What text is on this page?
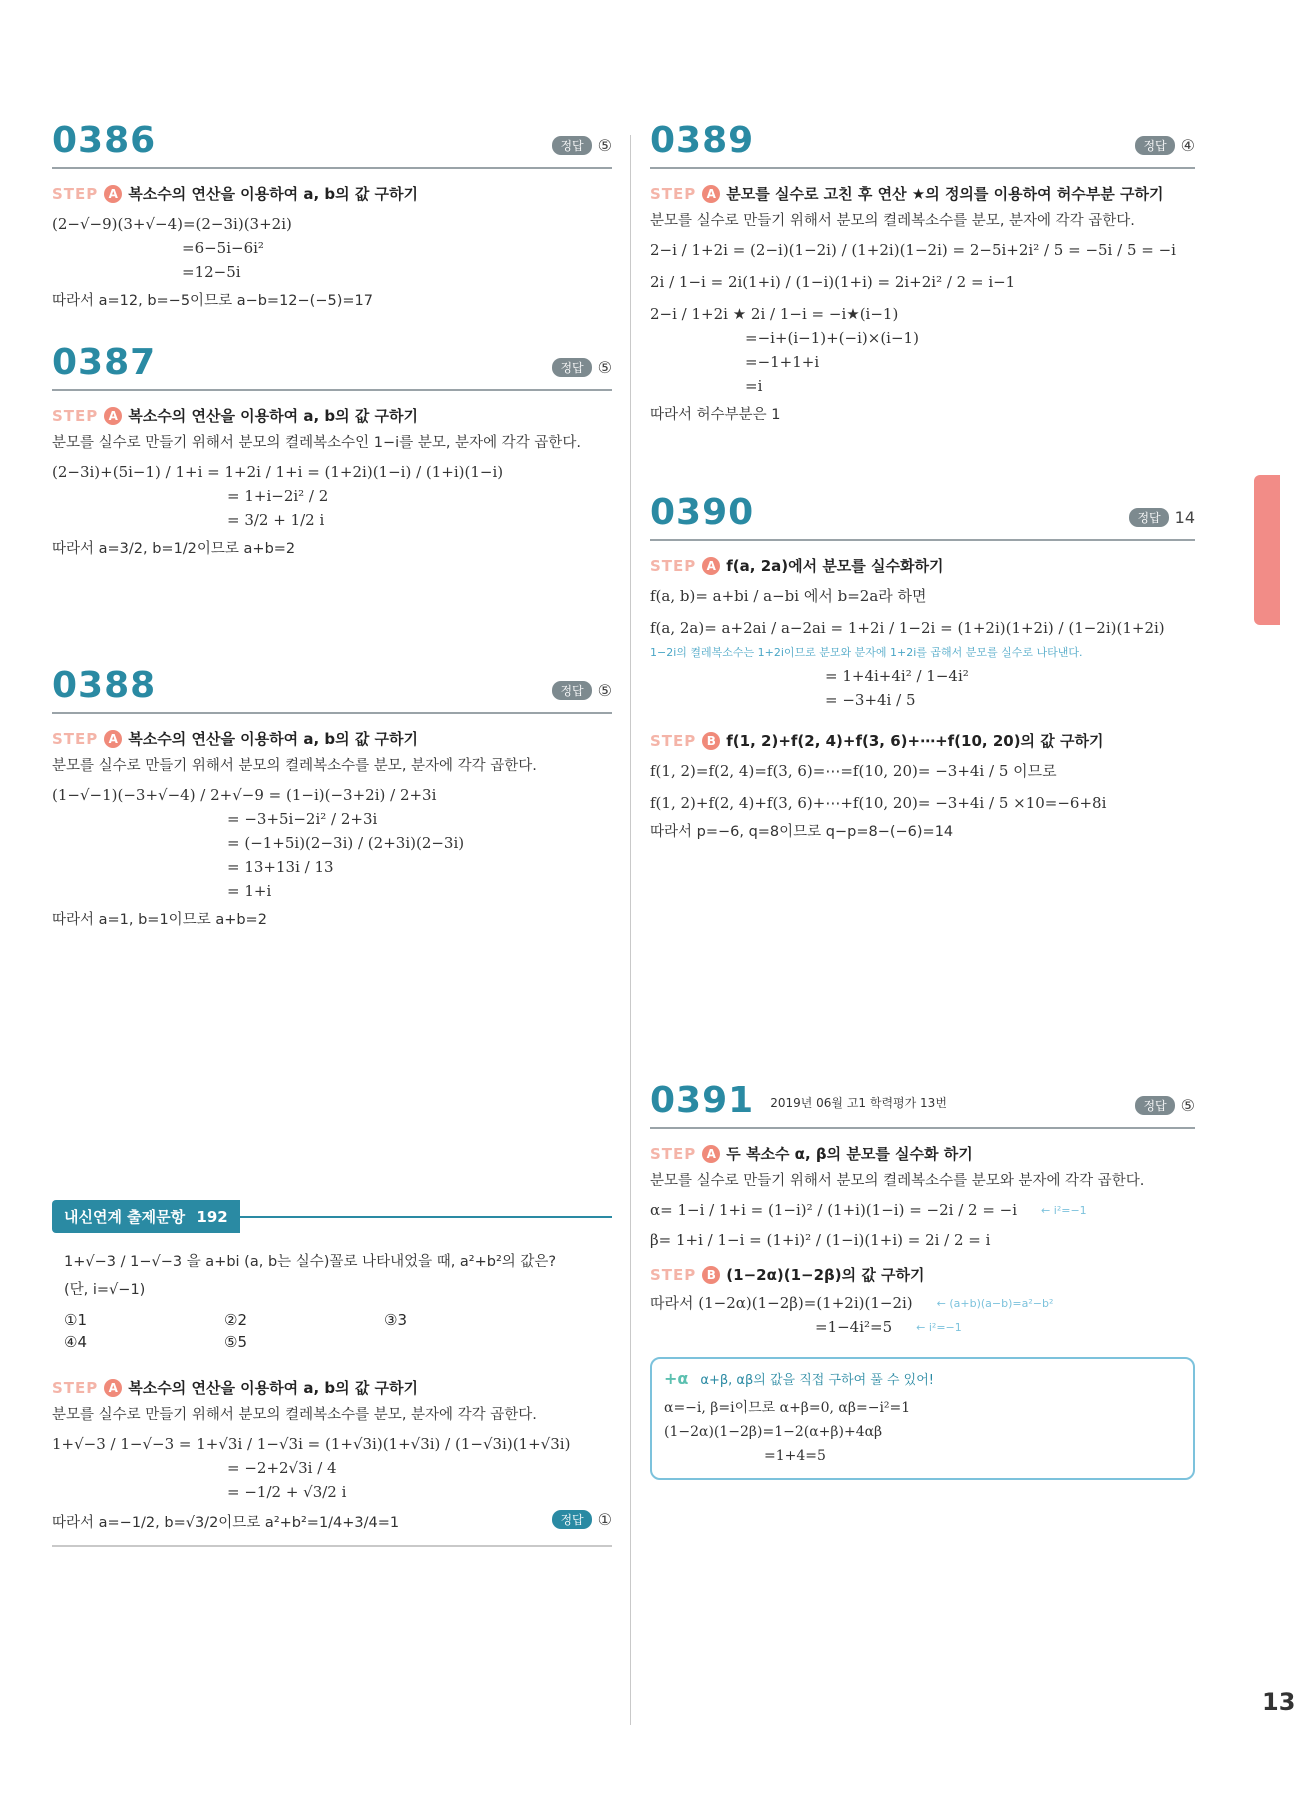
13
0386	정답 ⑤
STEP A 복소수의 연산을 이용하여 a, b의 값 구하기
(2−√−9)(3+√−4)=(2−3i)(3+2i)
=6−5i−6i²
=12−5i
따라서 a=12, b=−5이므로 a−b=12−(−5)=17
0387	정답 ⑤
STEP A 복소수의 연산을 이용하여 a, b의 값 구하기
분모를 실수로 만들기 위해서 분모의 켤레복소수인 1−i를 분모, 분자에 각각 곱한다.
(2−3i)+(5i−1) / 1+i = 1+2i / 1+i = (1+2i)(1−i) / (1+i)(1−i)
= 1+i−2i² / 2
= 3/2 + 1/2 i
따라서 a=3/2, b=1/2이므로 a+b=2
0388	정답 ⑤
STEP A 복소수의 연산을 이용하여 a, b의 값 구하기
분모를 실수로 만들기 위해서 분모의 켤레복소수를 분모, 분자에 각각 곱한다.
(1−√−1)(−3+√−4) / 2+√−9 = (1−i)(−3+2i) / 2+3i
= −3+5i−2i² / 2+3i
= (−1+5i)(2−3i) / (2+3i)(2−3i)
= 13+13i / 13
= 1+i
따라서 a=1, b=1이므로 a+b=2
내신연계 출제문항 192
1+√−3 / 1−√−3 을 a+bi (a, b는 실수)꼴로 나타내었을 때, a²+b²의 값은?
(단, i=√−1)
①1	②2	③3
④4	⑤5
STEP A 복소수의 연산을 이용하여 a, b의 값 구하기
분모를 실수로 만들기 위해서 분모의 켤레복소수를 분모, 분자에 각각 곱한다.
1+√−3 / 1−√−3 = 1+√3i / 1−√3i = (1+√3i)(1+√3i) / (1−√3i)(1+√3i)
= −2+2√3i / 4
= −1/2 + √3/2 i
따라서 a=−1/2, b=√3/2이므로 a²+b²=1/4+3/4=1	정답 ①
0389	정답 ④
STEP A 분모를 실수로 고친 후 연산 ★의 정의를 이용하여 허수부분 구하기
분모를 실수로 만들기 위해서 분모의 켤레복소수를 분모, 분자에 각각 곱한다.
2−i / 1+2i = (2−i)(1−2i) / (1+2i)(1−2i) = 2−5i+2i² / 5 = −5i / 5 = −i
2i / 1−i = 2i(1+i) / (1−i)(1+i) = 2i+2i² / 2 = i−1
2−i / 1+2i ★ 2i / 1−i = −i★(i−1)
=−i+(i−1)+(−i)×(i−1)
=−1+1+i
=i
따라서 허수부분은 1
0390	정답 14
STEP A f(a, 2a)에서 분모를 실수화하기
f(a, b)= a+bi / a−bi 에서 b=2a라 하면
f(a, 2a)= a+2ai / a−2ai = 1+2i / 1−2i = (1+2i)(1+2i) / (1−2i)(1+2i)
1−2i의 켤레복소수는 1+2i이므로 분모와 분자에 1+2i를 곱해서 분모를 실수로 나타낸다.
= 1+4i+4i² / 1−4i²
= −3+4i / 5
STEP B f(1, 2)+f(2, 4)+f(3, 6)+⋯+f(10, 20)의 값 구하기
f(1, 2)=f(2, 4)=f(3, 6)=⋯=f(10, 20)= −3+4i / 5 이므로
f(1, 2)+f(2, 4)+f(3, 6)+⋯+f(10, 20)= −3+4i / 5 ×10=−6+8i
따라서 p=−6, q=8이므로 q−p=8−(−6)=14
0391 2019년 06월 고1 학력평가 13번	정답 ⑤
STEP A 두 복소수 α, β의 분모를 실수화 하기
분모를 실수로 만들기 위해서 분모의 켤레복소수를 분모와 분자에 각각 곱한다.
α= 1−i / 1+i = (1−i)² / (1+i)(1−i) = −2i / 2 = −i ← i²=−1
β= 1+i / 1−i = (1+i)² / (1−i)(1+i) = 2i / 2 = i
STEP B (1−2α)(1−2β)의 값 구하기
따라서 (1−2α)(1−2β)=(1+2i)(1−2i) ← (a+b)(a−b)=a²−b²
=1−4i²=5 ← i²=−1
+α α+β, αβ의 값을 직접 구하여 풀 수 있어!
α=−i, β=i이므로 α+β=0, αβ=−i²=1
(1−2α)(1−2β)=1−2(α+β)+4αβ
=1+4=5
